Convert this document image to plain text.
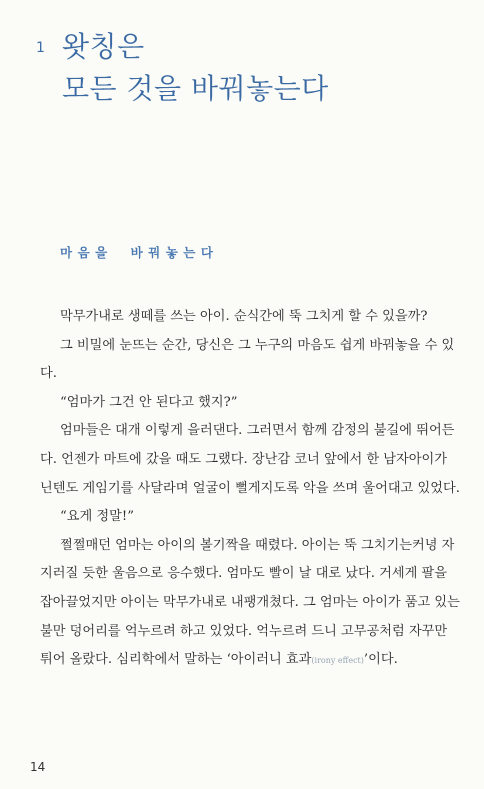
1 왓칭은
모든 것을 바꿔놓는다
마음을 바꿔놓는다

막무가내로 생떼를 쓰는 아이. 순식간에 뚝 그치게 할 수 있을까?

그 비밀에 눈뜨는 순간, 당신은 그 누구의 마음도 쉽게 바꿔놓을 수 있다.

“엄마가 그건 안 된다고 했지?”

엄마들은 대개 이렇게 을러댄다. 그러면서 함께 감정의 불길에 뛰어든다. 언젠가 마트에 갔을 때도 그랬다. 장난감 코너 앞에서 한 남자아이가 닌텐도 게임기를 사달라며 얼굴이 뻘게지도록 악을 쓰며 울어대고 있었다.

“요게 정말!”

쩔쩔매던 엄마는 아이의 볼기짝을 때렸다. 아이는 뚝 그치기는커녕 자지러질 듯한 울음으로 응수했다. 엄마도 빨이 날 대로 났다. 거세게 팔을 잡아끌었지만 아이는 막무가내로 내팽개쳤다. 그 엄마는 아이가 품고 있는 불만 덩어리를 억누르려 하고 있었다. 억누르려 드니 고무공처럼 자꾸만 튀어 올랐다. 심리학에서 말하는 ‘아이러니 효과(irony effect)’이다.

14
